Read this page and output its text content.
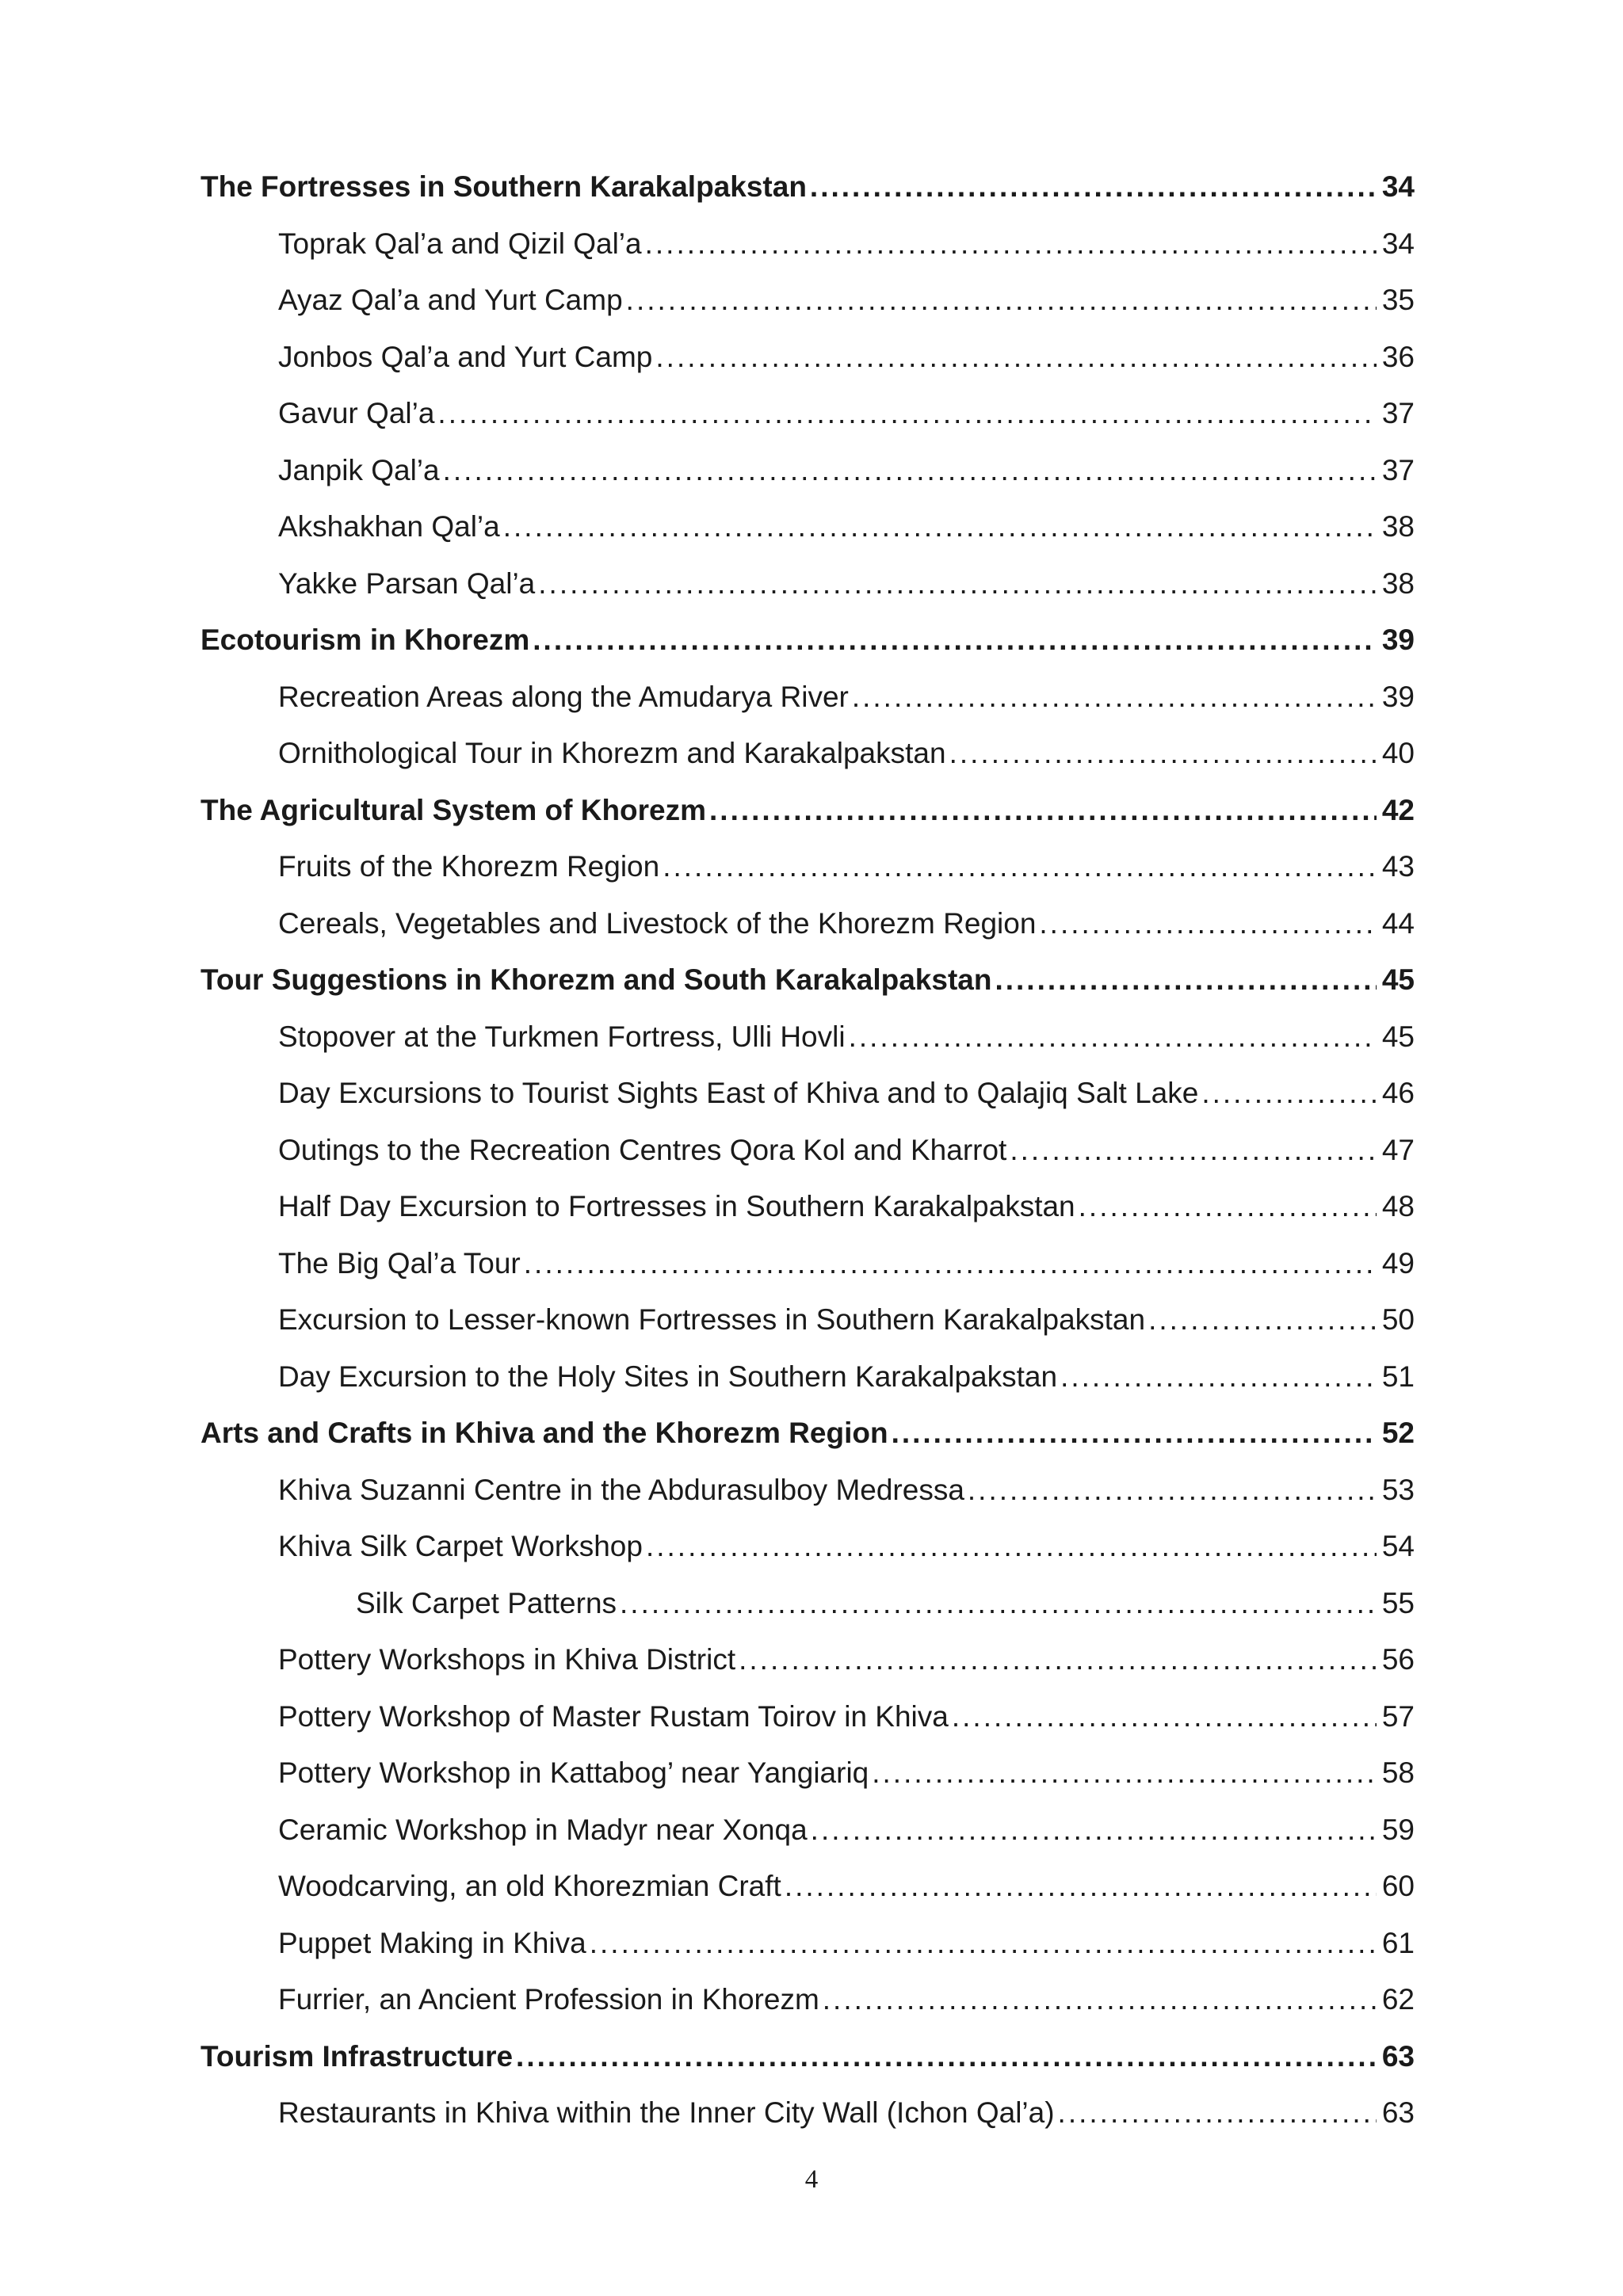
The Fortresses in Southern Karakalpakstan .....	34
Toprak Qal’a and Qizil Qal’a .....	34
Ayaz Qal’a and Yurt Camp .....	35
Jonbos Qal’a and Yurt Camp .....	36
Gavur Qal’a .....	37
Janpik Qal’a .....	37
Akshakhan Qal’a .....	38
Yakke Parsan Qal’a .....	38
Ecotourism in Khorezm .....	39
Recreation Areas along the Amudarya River .....	39
Ornithological Tour in Khorezm and Karakalpakstan .....	40
The Agricultural System of Khorezm .....	42
Fruits of the Khorezm Region .....	43
Cereals, Vegetables and Livestock of the Khorezm Region .....	44
Tour Suggestions in Khorezm and South Karakalpakstan .....	45
Stopover at the Turkmen Fortress, Ulli Hovli .....	45
Day Excursions to Tourist Sights East of Khiva and to Qalajiq Salt Lake .....	46
Outings to the Recreation Centres Qora Kol and Kharrot .....	47
Half Day Excursion to Fortresses in Southern Karakalpakstan .....	48
The Big Qal’a Tour .....	49
Excursion to Lesser-known Fortresses in Southern Karakalpakstan .....	50
Day Excursion to the Holy Sites in Southern Karakalpakstan .....	51
Arts and Crafts in Khiva and the Khorezm Region .....	52
Khiva Suzanni Centre in the Abdurasulboy Medressa .....	53
Khiva Silk Carpet Workshop .....	54
Silk Carpet Patterns .....	55
Pottery Workshops in Khiva District .....	56
Pottery Workshop of Master Rustam Toirov in Khiva .....	57
Pottery Workshop in Kattabog’ near Yangiariq .....	58
Ceramic Workshop in Madyr near Xonqa .....	59
Woodcarving, an old Khorezmian Craft .....	60
Puppet Making in Khiva .....	61
Furrier, an Ancient Profession in Khorezm .....	62
Tourism Infrastructure .....	63
Restaurants in Khiva within the Inner City Wall (Ichon Qal’a) .....	63
4
